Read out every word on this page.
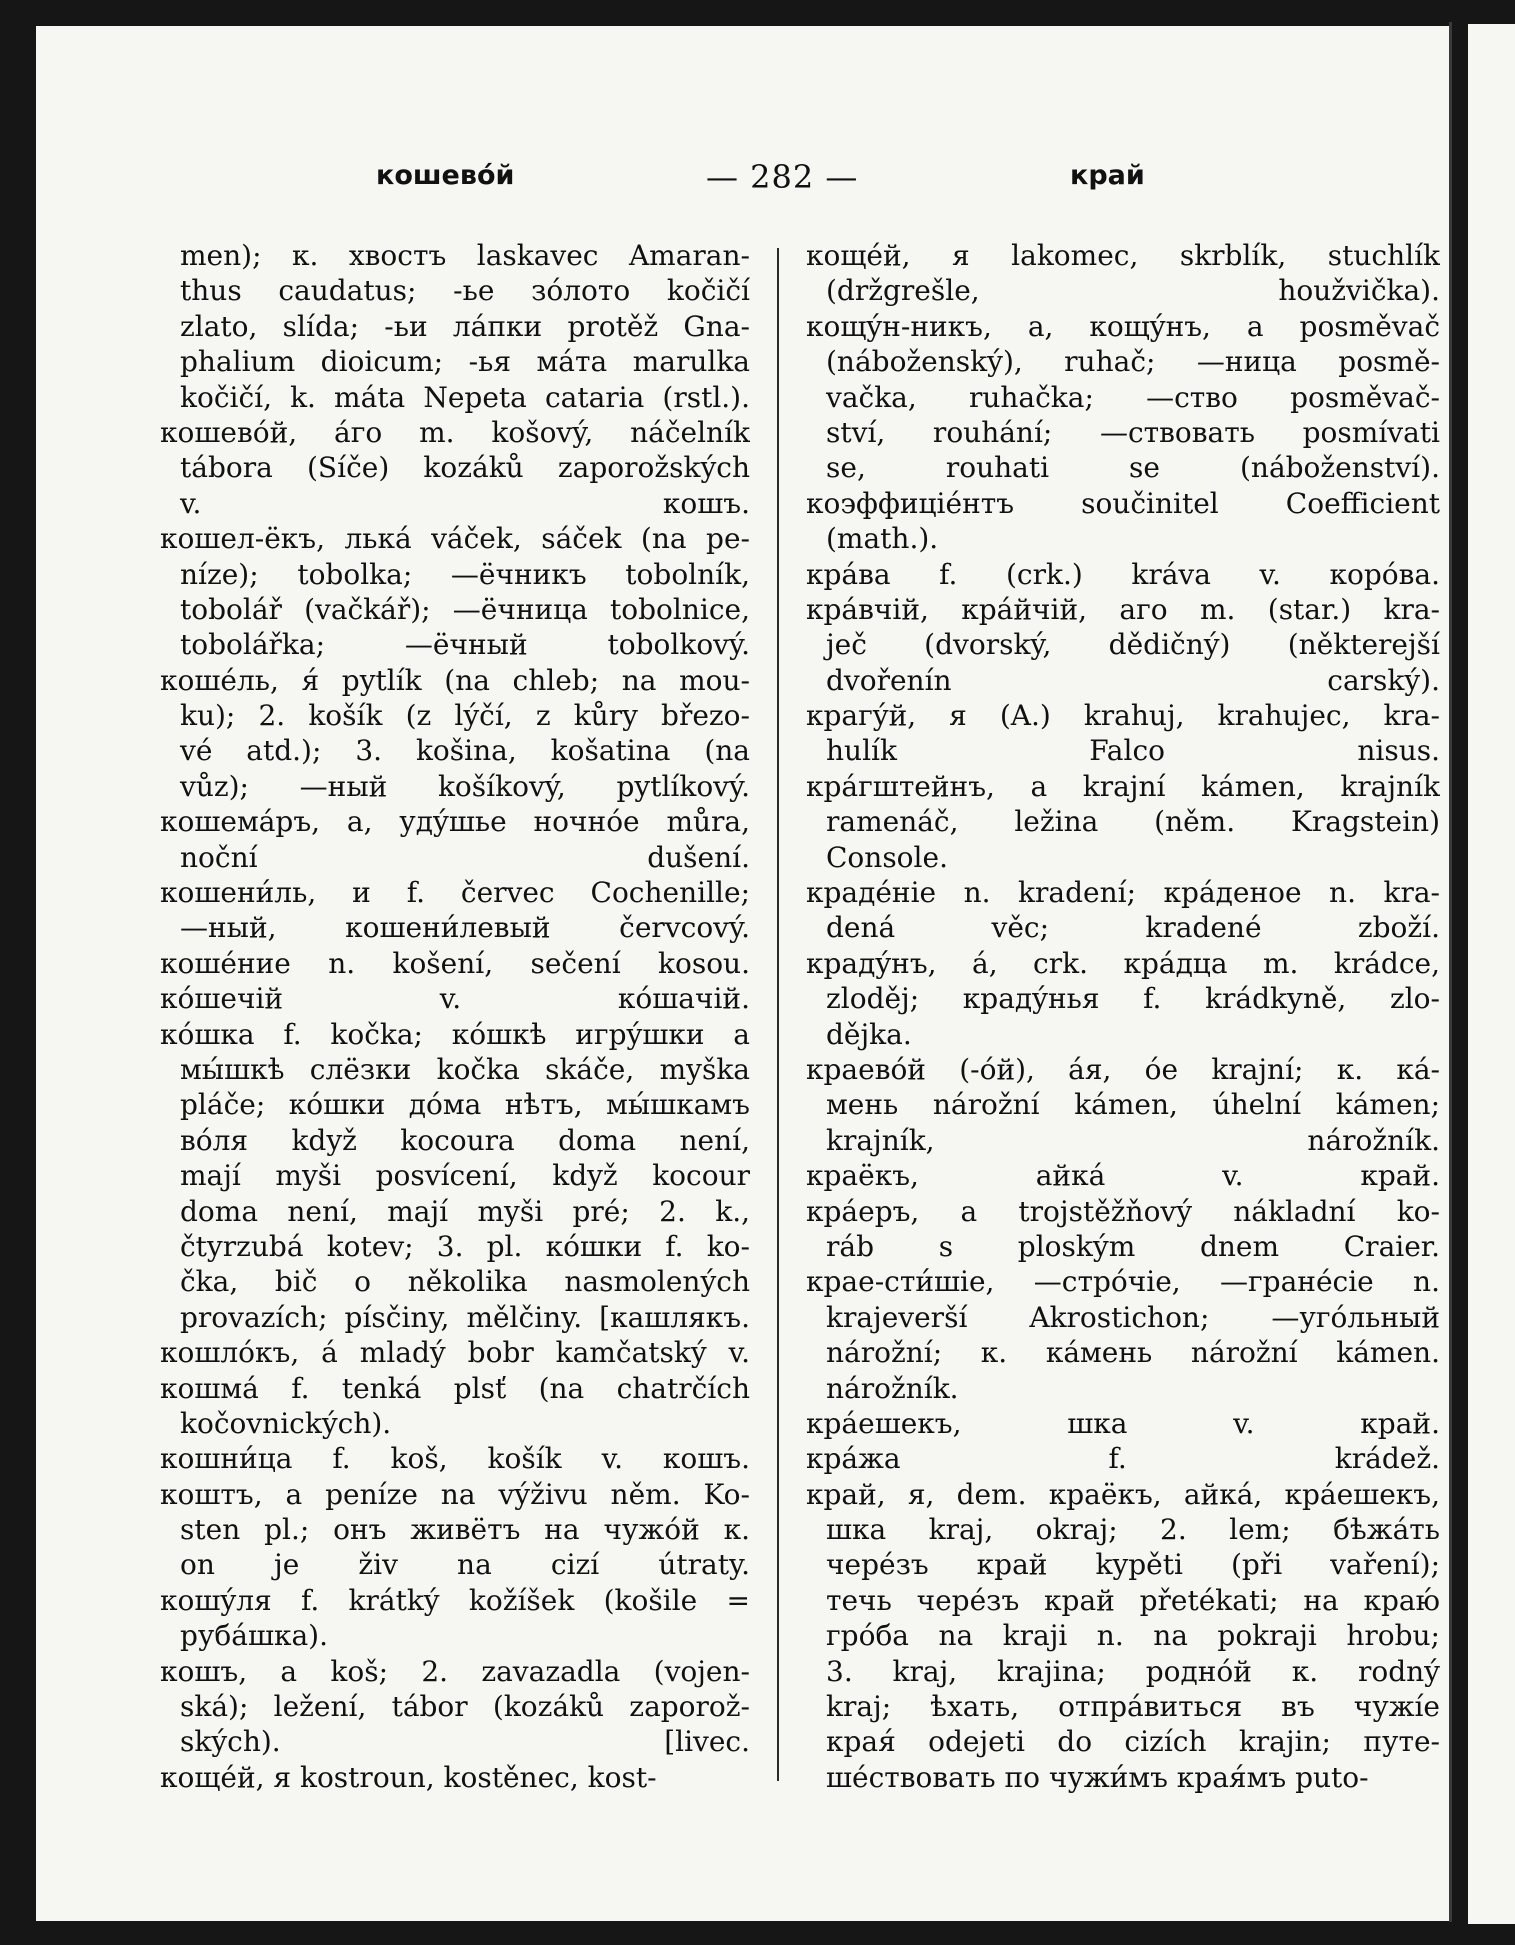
кошевóй	— 282 —	край
men); к. хвостъ laskavec Amaran-
thus caudatus; -ье зóлото kočičí
zlato, slída; -ьи лáпки protěž Gna-
phalium dioicum; -ья мáта marulka
kočičí, k. máta Nepeta cataria (rstl.).
кошевóй, áго m. košový, náčelník
tábora (Síče) kozáků zaporožských
v. кошъ.
кошел-ёкъ, лькá váček, sáček (na pe-
níze); tobolka; —ёчникъ tobolník,
tobolář (vačkář); —ёчница tobolnice,
tobolářka; —ёчный tobolkový.
кошéль, я́ pytlík (na chleb; na mou-
ku); 2. košík (z lýčí, z kůry březo-
vé atd.); 3. košina, košatina (na
vůz); —ный košíkový, pytlíkový.
кошемáръ, а, удýшье ночнóе můra,
noční dušení.
кошени́ль, и f. červec Cochenille;
—ный, кошени́левый červcový.
кошéние n. košení, sečení kosou.
кóшечій v. кóшачій.
кóшка f. kočka; кóшкѣ игрýшки а
мы́шкѣ слёзки kočka skáče, myška
pláče; кóшки дóма нѣтъ, мы́шкамъ
вóля když kocoura doma není,
mají myši posvícení, když kocour
doma není, mají myši pré; 2. k.,
čtyrzubá kotev; 3. pl. кóшки f. ko-
čka, bič o několika nasmolených
provazích; písčiny, mělčiny. [кашлякъ.
кошлóкъ, á mladý bobr kamčatský v.
кошмá f. tenká plsť (na chatrčích
kočovnických).
кошни́ца f. koš, košík v. кошъ.
коштъ, а peníze na výživu něm. Ko-
sten pl.; онъ живётъ на чужóй к.
on je živ na cizí útraty.
кошýля f. krátký kožíšek (košile =
рубáшка).
кошъ, а koš; 2. zavazadla (vojen-
ská); ležení, tábor (kozáků zaporož-
ských). [livec.
кощéй, я kostroun, kostěnec, kost-
кощéй, я lakomec, skrblík, stuchlík
(držgrešle, houžvička).
кощýн-никъ, а, кощýнъ, а posměvač
(náboženský), ruhač; —ница posmě-
vačka, ruhačka; —ство posměvač-
ství, rouhání; —ствовать posmívati
se, rouhati se (náboženství).
коэффиціéнтъ součinitel Coefficient
(math.).
крáва f. (crk.) kráva v. корóва.
крáвчій, крáйчій, аго m. (star.) kra-
ječ (dvorský, dědičný) (některejší
dvořenín carský).
крагýй, я (A.) krahuj, krahujec, kra-
hulík Falco nisus.
крáгштейнъ, а krajní kámen, krajník
ramenáč, ležina (něm. Kragstein)
Console.
крадéніе n. kradení; крáденое n. kra-
dená věc; kradené zboží.
крадýнъ, á, crk. крáдца m. krádce,
zloděj; крадýнья f. krádkyně, zlo-
dějka.
краевóй (-óй), áя, óе krajní; к. кá-
мень nárožní kámen, úhelní kámen;
krajník, nárožník.
краёкъ, айкá v. край.
крáеръ, а trojstěžňový nákladní ko-
ráb s ploským dnem Craier.
крае-сти́шіе, —стрóчіе, —гранéсіе n.
krajeverší Akrostichon; —угóльный
nárožní; к. кáмень nárožní kámen.
nárožník.
крáешекъ, шка v. край.
крáжа f. krádež.
край, я, dem. краёкъ, айкá, крáешекъ,
шка kraj, okraj; 2. lem; бѣжáть
черéзъ край kypěti (při vaření);
течь черéзъ край přetékati; на краю́
грóба na kraji n. na pokraji hrobu;
3. kraj, krajina; роднóй к. rodný
kraj; ѣхать, отпрáвиться въ чужíе
края́ odejeti do cizích krajin; путе-
шéствовать по чужи́мъ края́мъ puto-
